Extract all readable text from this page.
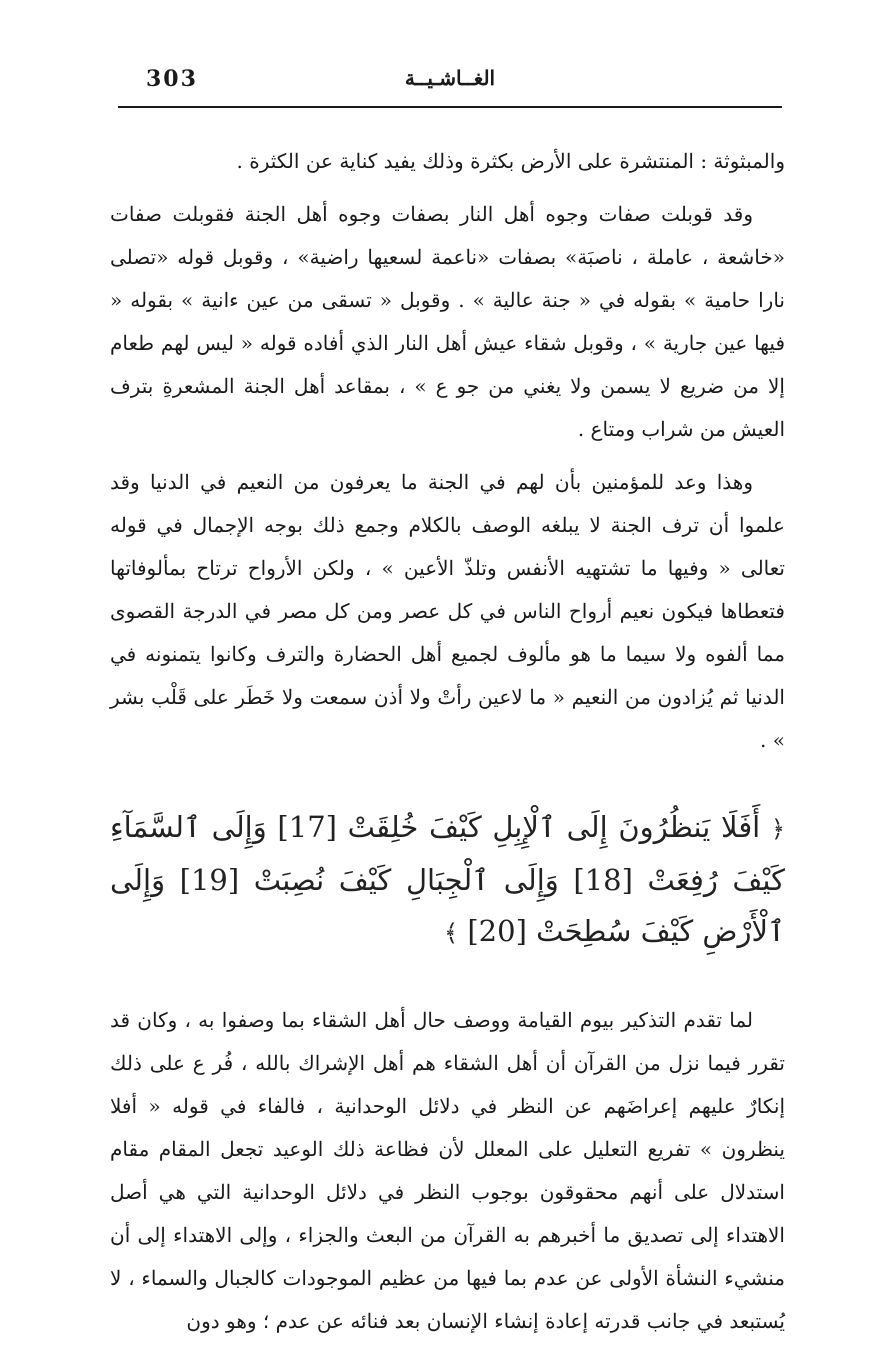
303	الغــاشـيــة

والمبثوثة : المنتشرة على الأرض بكثرة وذلك يفيد كناية عن الكثرة .

وقد قوبلت صفات وجوه أهل النار بصفات وجوه أهل الجنة فقوبلت صفات «خاشعة ، عاملة ، ناصبَة» بصفات «ناعمة لسعيها راضية» ، وقوبل قوله «تصلى نارا حامية » بقوله في « جنة عالية » . وقوبل « تسقى من عين ءانية » بقوله « فيها عين جارية » ، وقوبل شقاء عيش أهل النار الذي أفاده قوله « ليس لهم طعام إلا من ضريع لا يسمن ولا يغني من جو ع » ، بمقاعد أهل الجنة المشعرةِ بترف العيش من شراب ومتاع .

وهذا وعد للمؤمنين بأن لهم في الجنة ما يعرفون من النعيم في الدنيا وقد علموا أن ترف الجنة لا يبلغه الوصف بالكلام وجمع ذلك بوجه الإجمال في قوله تعالى « وفيها ما تشتهيه الأنفس وتلذّ الأعين » ، ولكن الأرواح ترتاح بمألوفاتها فتعطاها فيكون نعيم أرواح الناس في كل عصر ومن كل مصر في الدرجة القصوى مما ألفوه ولا سيما ما هو مألوف لجميع أهل الحضارة والترف وكانوا يتمنونه في الدنيا ثم يُزادون من النعيم « ما لاعين رأتْ ولا أذن سمعت ولا خَطَر على قَلْب بشر » .

﴿ أَفَلَا يَنظُرُونَ إِلَى ٱلْإِبِلِ كَيْفَ خُلِقَتْ [17] وَإِلَى ٱلسَّمَآءِ كَيْفَ رُفِعَتْ [18] وَإِلَى ٱلْجِبَالِ كَيْفَ نُصِبَتْ [19] وَإِلَى ٱلْأَرْضِ كَيْفَ سُطِحَتْ [20] ﴾

لما تقدم التذكير بيوم القيامة ووصف حال أهل الشقاء بما وصفوا به ، وكان قد تقرر فيما نزل من القرآن أن أهل الشقاء هم أهل الإشراك بالله ، فُر ع على ذلك إنكارٌ عليهم إعراضَهم عن النظر في دلائل الوحدانية ، فالفاء في قوله « أفلا ينظرون » تفريع التعليل على المعلل لأن فظاعة ذلك الوعيد تجعل المقام مقام استدلال على أنهم محقوقون بوجوب النظر في دلائل الوحدانية التي هي أصل الاهتداء إلى تصديق ما أخبرهم به القرآن من البعث والجزاء ، وإلى الاهتداء إلى أن منشيء النشأة الأولى عن عدم بما فيها من عظيم الموجودات كالجبال والسماء ، لا يُستبعد في جانب قدرته إعادة إنشاء الإنسان بعد فنائه عن عدم ؛ وهو دون
